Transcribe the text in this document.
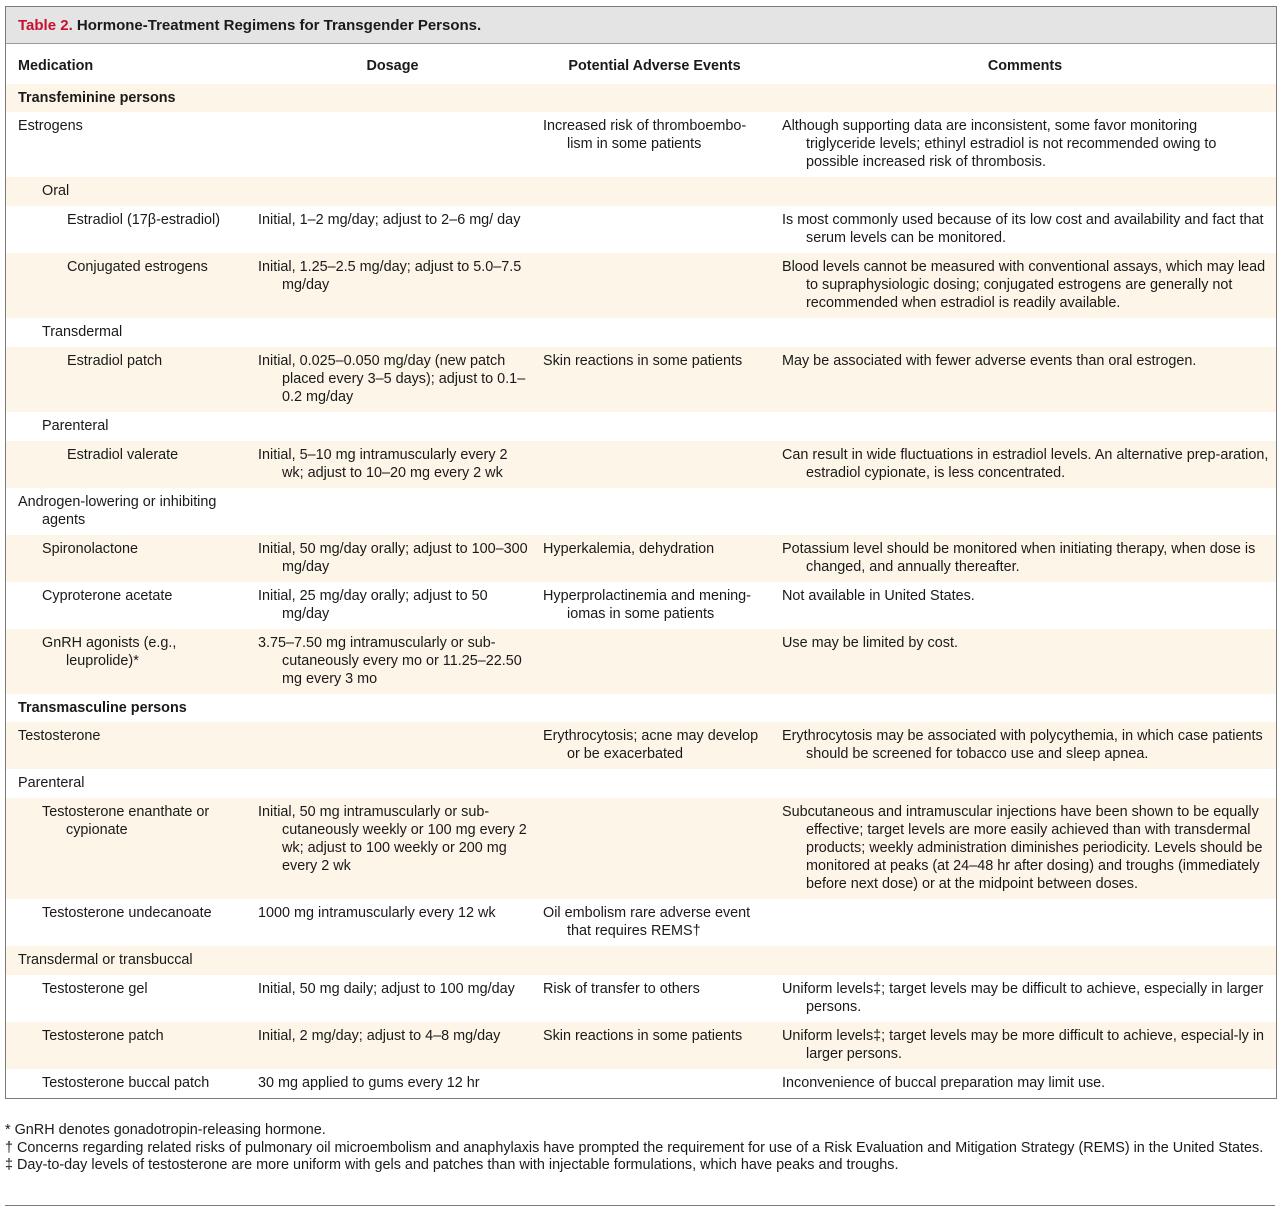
Table 2. Hormone-Treatment Regimens for Transgender Persons.
Medication	Dosage	Potential Adverse Events	Comments
Transfeminine persons			

Estrogens		Increased risk of thromboembo-lism in some patients	Although supporting data are inconsistent, some favor monitoring triglyceride levels; ethinyl estradiol is not recommended owing to possible increased risk of thrombosis.

Oral			

Estradiol (17β-estradiol)	Initial, 1–2 mg/day; adjust to 2–6 mg/ day		Is most commonly used because of its low cost and availability and fact that serum levels can be monitored.

Conjugated estrogens	Initial, 1.25–2.5 mg/day; adjust to 5.0–7.5 mg/day		Blood levels cannot be measured with conventional assays, which may lead to supraphysiologic dosing; conjugated estrogens are generally not recommended when estradiol is readily available.

Transdermal			

Estradiol patch	Initial, 0.025–0.050 mg/day (new patch placed every 3–5 days); adjust to 0.1–0.2 mg/day	Skin reactions in some patients	May be associated with fewer adverse events than oral estrogen.

Parenteral			

Estradiol valerate	Initial, 5–10 mg intramuscularly every 2 wk; adjust to 10–20 mg every 2 wk		Can result in wide fluctuations in estradiol levels. An alternative prep-aration, estradiol cypionate, is less concentrated.

Androgen-lowering or inhibiting agents			

Spironolactone	Initial, 50 mg/day orally; adjust to 100–300 mg/day	Hyperkalemia, dehydration	Potassium level should be monitored when initiating therapy, when dose is changed, and annually thereafter.

Cyproterone acetate	Initial, 25 mg/day orally; adjust to 50 mg/day	Hyperprolactinemia and mening-iomas in some patients	Not available in United States.

GnRH agonists (e.g., leuprolide)*	3.75–7.50 mg intramuscularly or sub-cutaneously every mo or 11.25–22.50 mg every 3 mo		Use may be limited by cost.

Transmasculine persons			

Testosterone		Erythrocytosis; acne may develop or be exacerbated	Erythrocytosis may be associated with polycythemia, in which case patients should be screened for tobacco use and sleep apnea.

Parenteral			

Testosterone enanthate or cypionate	Initial, 50 mg intramuscularly or sub-cutaneously weekly or 100 mg every 2 wk; adjust to 100 weekly or 200 mg every 2 wk		Subcutaneous and intramuscular injections have been shown to be equally effective; target levels are more easily achieved than with transdermal products; weekly administration diminishes periodicity. Levels should be monitored at peaks (at 24–48 hr after dosing) and troughs (immediately before next dose) or at the midpoint between doses.

Testosterone undecanoate	1000 mg intramuscularly every 12 wk	Oil embolism rare adverse event that requires REMS†	

Transdermal or transbuccal			

Testosterone gel	Initial, 50 mg daily; adjust to 100 mg/day	Risk of transfer to others	Uniform levels‡; target levels may be difficult to achieve, especially in larger persons.

Testosterone patch	Initial, 2 mg/day; adjust to 4–8 mg/day	Skin reactions in some patients	Uniform levels‡; target levels may be more difficult to achieve, especial-ly in larger persons.

Testosterone buccal patch	30 mg applied to gums every 12 hr		Inconvenience of buccal preparation may limit use.
* GnRH denotes gonadotropin-releasing hormone.
† Concerns regarding related risks of pulmonary oil microembolism and anaphylaxis have prompted the requirement for use of a Risk Evaluation and Mitigation Strategy (REMS) in the United States.
‡ Day-to-day levels of testosterone are more uniform with gels and patches than with injectable formulations, which have peaks and troughs.
